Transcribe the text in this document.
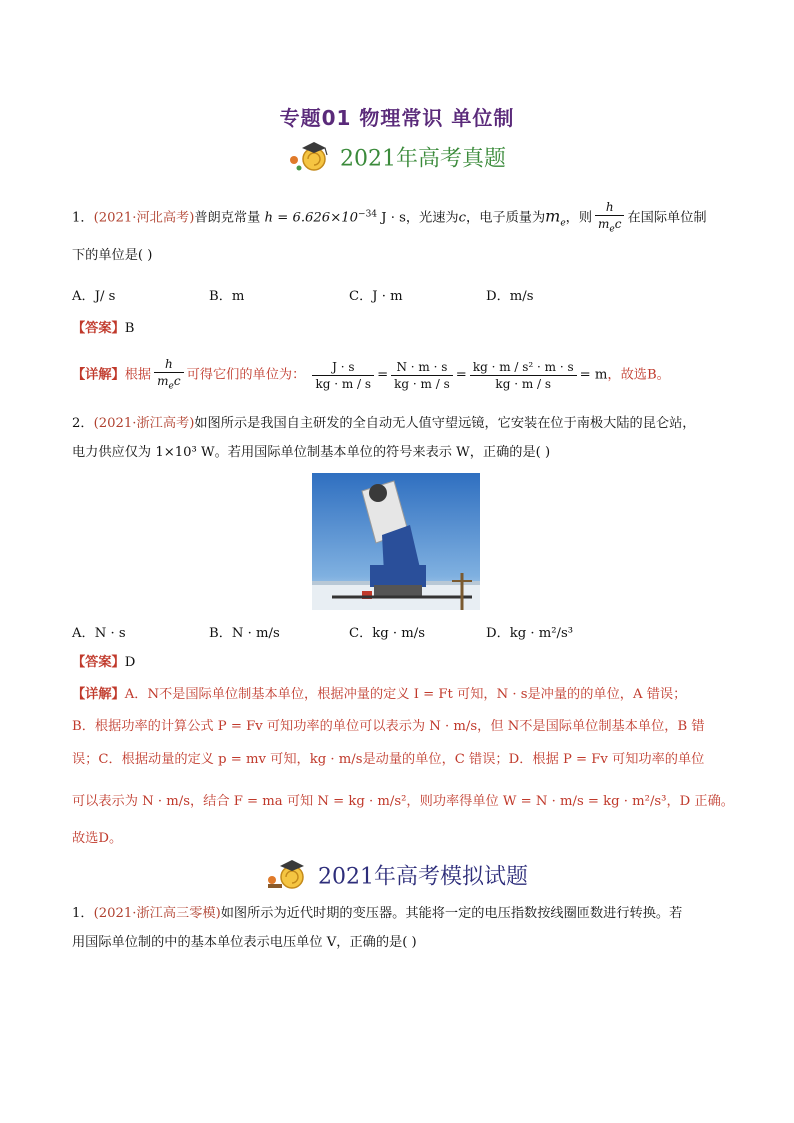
专题01 物理常识 单位制
2021年高考真题
1．(2021·河北高考)普朗克常量 $h = 6.626\times 10^{-34}$ J · s，光速为c，电子质量为$m_e$，则 $\frac{h}{m_ec}$ 在国际单位制
下的单位是( )
A．J/ s	B．m	C．J · m	D．m/s
【答案】B
【详解】根据 $\frac{h}{m_ec}$ 可得它们的单位为： $\frac{J \cdot s}{kg \cdot m / s} = \frac{N \cdot m \cdot s}{kg \cdot m / s} = \frac{\text{kg · m / s² · m · s}}{kg \cdot m / s} = m$，故选B。
2．(2021·浙江高考)如图所示是我国自主研发的全自动无人值守望远镜，它安装在位于南极大陆的昆仑站，
电力供应仅为 1×10³ W。若用国际单位制基本单位的符号来表示 W，正确的是( )
A．N · s	B．N · m/s	C．kg · m/s	D．kg · m²/s³
【答案】D
【详解】A．N不是国际单位制基本单位，根据冲量的定义 I = Ft 可知，N · s是冲量的的单位，A 错误；
B．根据功率的计算公式 P = Fv 可知功率的单位可以表示为 N · m/s，但 N不是国际单位制基本单位，B 错
误；C．根据动量的定义 p = mv 可知，kg · m/s是动量的单位，C 错误；D．根据 P = Fv 可知功率的单位
可以表示为 N · m/s，结合 F = ma 可知 N = kg · m/s²，则功率得单位 W = N · m/s = kg · m²/s³，D 正确。
故选D。
2021年高考模拟试题
1．(2021·浙江高三零模)如图所示为近代时期的变压器。其能将一定的电压指数按线圈匝数进行转换。若
用国际单位制的中的基本单位表示电压单位 V，正确的是( )
